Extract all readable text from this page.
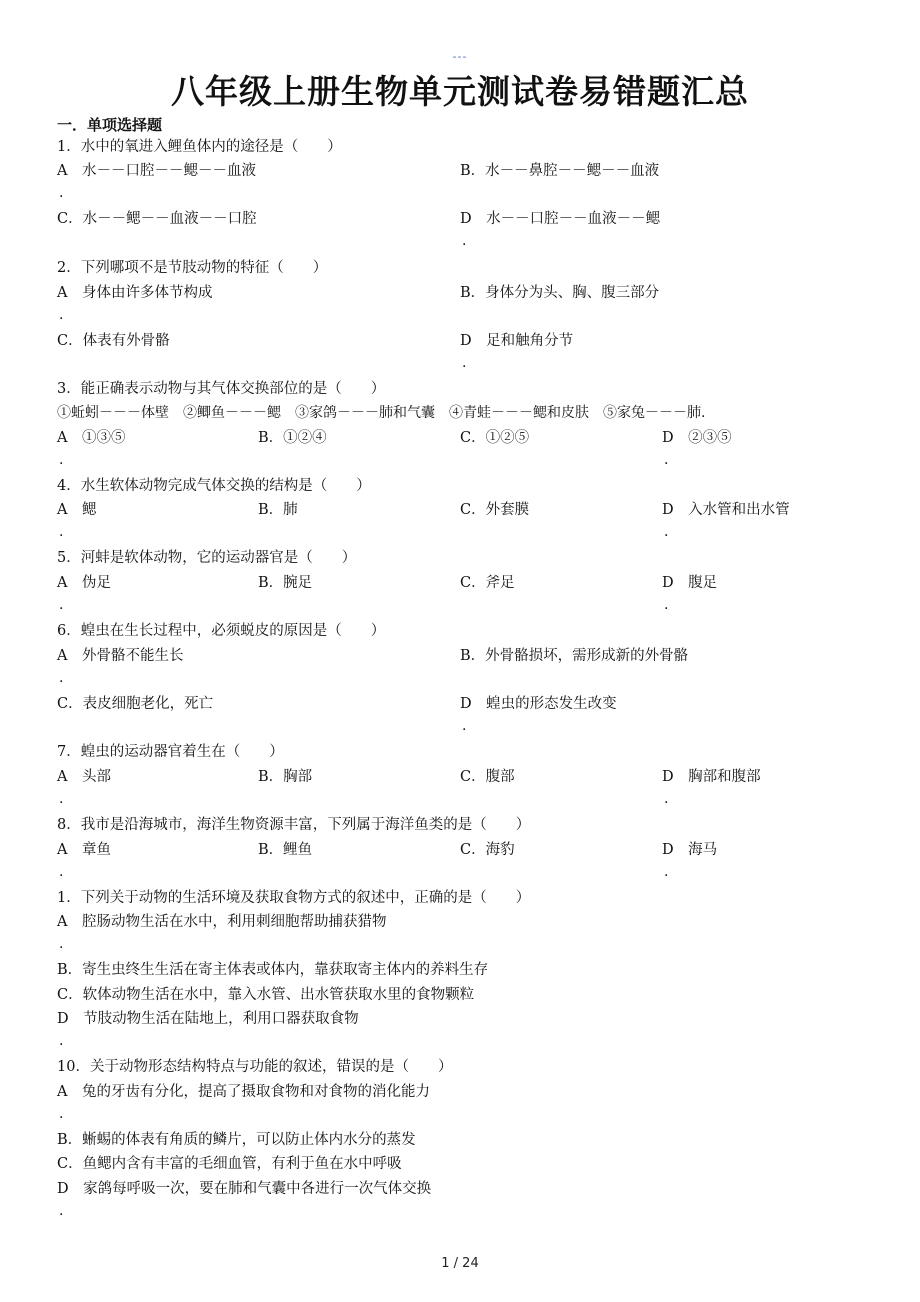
---
八年级上册生物单元测试卷易错题汇总
一．单项选择题
1．水中的氧进入鲤鱼体内的途径是（　　）
A　水－－口腔－－鳃－－血液	B．水－－鼻腔－－鳃－－血液
.
C．水－－鳃－－血液－－口腔	D　水－－口腔－－血液－－鳃
.
2．下列哪项不是节肢动物的特征（　　）
A　身体由许多体节构成	B．身体分为头、胸、腹三部分
.
C．体表有外骨骼	D　足和触角分节
.
3．能正确表示动物与其气体交换部位的是（　　）
①蚯蚓－－－体壁　②鲫鱼－－－鳃　③家鸽－－－肺和气囊　④青蛙－－－鳃和皮肤　⑤家兔－－－肺.
A　①③⑤	B．①②④	C．①②⑤	D　②③⑤
.	.
4．水生软体动物完成气体交换的结构是（　　）
A　鳃	B．肺	C．外套膜	D　入水管和出水管
.	.
5．河蚌是软体动物，它的运动器官是（　　）
A　伪足	B．腕足	C．斧足	D　腹足
.	.
6．蝗虫在生长过程中，必须蜕皮的原因是（　　）
A　外骨骼不能生长	B．外骨骼损坏，需形成新的外骨骼
.
C．表皮细胞老化，死亡	D　蝗虫的形态发生改变
.
7．蝗虫的运动器官着生在（　　）
A　头部	B．胸部	C．腹部	D　胸部和腹部
.	.
8．我市是沿海城市，海洋生物资源丰富，下列属于海洋鱼类的是（　　）
A　章鱼	B．鲤鱼	C．海豹	D　海马
.	.
1．下列关于动物的生活环境及获取食物方式的叙述中，正确的是（　　）
A　腔肠动物生活在水中，利用刺细胞帮助捕获猎物
.
B．寄生虫终生生活在寄主体表或体内，靠获取寄主体内的养料生存
C．软体动物生活在水中，靠入水管、出水管获取水里的食物颗粒
D　节肢动物生活在陆地上，利用口器获取食物
.
10．关于动物形态结构特点与功能的叙述，错误的是（　　）
A　兔的牙齿有分化，提高了摄取食物和对食物的消化能力
.
B．蜥蜴的体表有角质的鳞片，可以防止体内水分的蒸发
C．鱼鳃内含有丰富的毛细血管，有利于鱼在水中呼吸
D　家鸽每呼吸一次，要在肺和气囊中各进行一次气体交换
.
1 / 24
